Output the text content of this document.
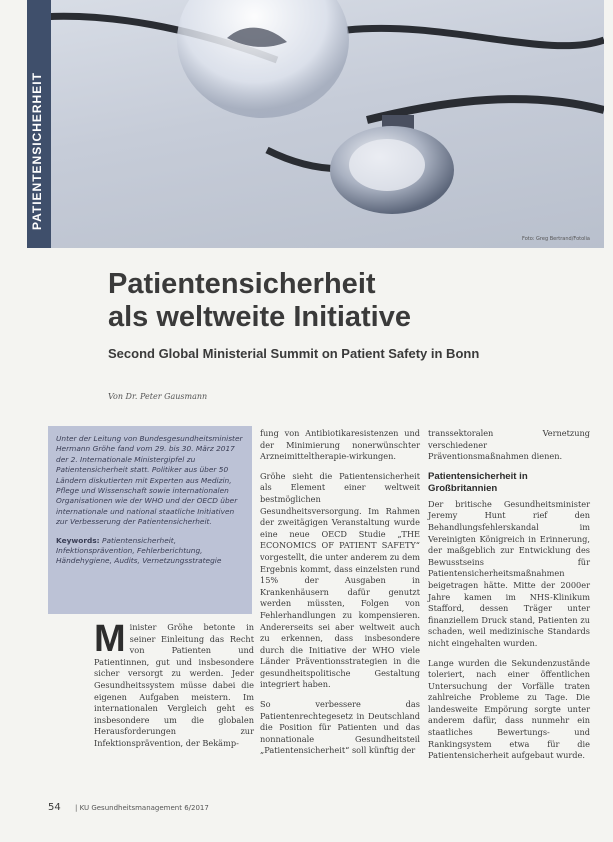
Foto: Greg Bertrand/Fotolia
PATIENTENSICHERHEIT
Patientensicherheit
als weltweite Initiative
Second Global Ministerial Summit on Patient Safety in Bonn
Von Dr. Peter Gausmann

Unter der Leitung von Bundesgesundheitsminister Hermann Gröhe fand vom 29. bis 30. März 2017 der 2. Internationale Ministergipfel zu Patientensicherheit statt. Politiker aus über 50 Ländern diskutierten mit Experten aus Medizin, Pflege und Wissenschaft sowie internationalen Organisationen wie der WHO und der OECD über internationale und national staatliche Initiativen zur Verbesserung der Patientensicherheit.

Keywords: Patientensicherheit, Infektionsprävention, Fehlerberichtung, Händehygiene, Audits, Vernetzungsstrategie

Minister Gröhe betonte in seiner Einleitung das Recht von Patienten und Patientinnen, gut und insbesondere sicher versorgt zu werden. Jeder Gesundheitssystem müsse dabei die eigenen Aufgaben meistern. Im internationalen Vergleich geht es insbesondere um die globalen Herausforderungen zur Infektionsprävention, der Bekämp-

fung von Antibiotikaresistenzen und der Minimierung nonerwünschter Arzneimitteltherapie-wirkungen.

Gröhe sieht die Patientensicherheit als Element einer weltweit bestmöglichen Gesundheitsversorgung. Im Rahmen der zweitägigen Veranstaltung wurde eine neue OECD Studie „THE ECONOMICS OF PATIENT SAFETY“ vorgestellt, die unter anderem zu dem Ergebnis kommt, dass einzelsten rund 15% der Ausgaben in Krankenhäusern dafür genutzt werden müssten, Folgen von Fehlerhandlungen zu kompensieren. Andererseits sei aber weltweit auch zu erkennen, dass insbesondere durch die Initiative der WHO viele Länder Präventionsstrategien in die gesundheitspolitische Gestaltung integriert haben.

So verbessere das Patientenrechtegesetz in Deutschland die Position für Patienten und das nonnationale Gesundheitsteil „Patientensicherheit“ soll künftig der

transsektoralen Vernetzung verschiedener Präventionsmaßnahmen dienen.

Patientensicherheit in Großbritannien

Der britische Gesundheitsminister Jeremy Hunt rief den Behandlungsfehlerskandal im Vereinigten Königreich in Erinnerung, der maßgeblich zur Entwicklung des Bewusstseins für Patientensicherheitsmaßnahmen beigetragen hätte. Mitte der 2000er Jahre kamen im NHS-Klinikum Stafford, dessen Träger unter finanziellem Druck stand, Patienten zu schaden, weil medizinische Standards nicht eingehalten wurden.

Lange wurden die Sekundenzustände toleriert, nach einer öffentlichen Untersuchung der Vorfälle traten zahlreiche Probleme zu Tage. Die landesweite Empörung sorgte unter anderem dafür, dass nunmehr ein staatliches Bewertungs- und Rankingsystem etwa für die Patientensicherheit aufgebaut wurde.

54 | KU Gesundheitsmanagement 6/2017
